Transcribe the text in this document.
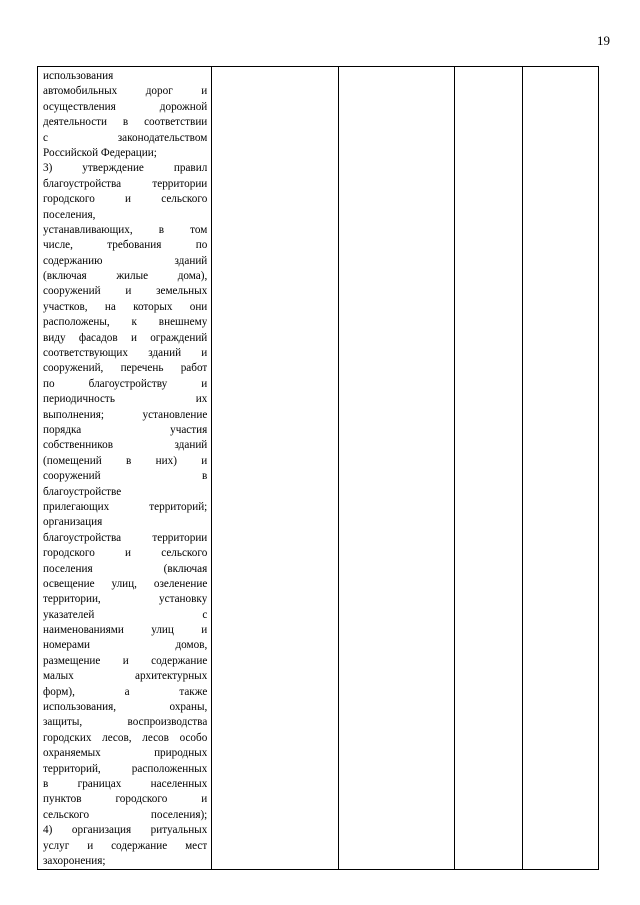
19
использования
автомобильных дорог и
осуществления дорожной
деятельности в соответствии
с законодательством
Российской Федерации;
3) утверждение правил
благоустройства территории
городского и сельского
поселения,
устанавливающих, в том
числе, требования по
содержанию зданий
(включая жилые дома),
сооружений и земельных
участков, на которых они
расположены, к внешнему
виду фасадов и ограждений
соответствующих зданий и
сооружений, перечень работ
по благоустройству и
периодичность их
выполнения; установление
порядка участия
собственников зданий
(помещений в них) и
сооружений в
благоустройстве
прилегающих территорий;
организация
благоустройства территории
городского и сельского
поселения (включая
освещение улиц, озеленение
территории, установку
указателей с
наименованиями улиц и
номерами домов,
размещение и содержание
малых архитектурных
форм), а также
использования, охраны,
защиты, воспроизводства
городских лесов, лесов особо
охраняемых природных
территорий, расположенных
в границах населенных
пунктов городского и
сельского поселения);
4) организация ритуальных
услуг и содержание мест
захоронения;
